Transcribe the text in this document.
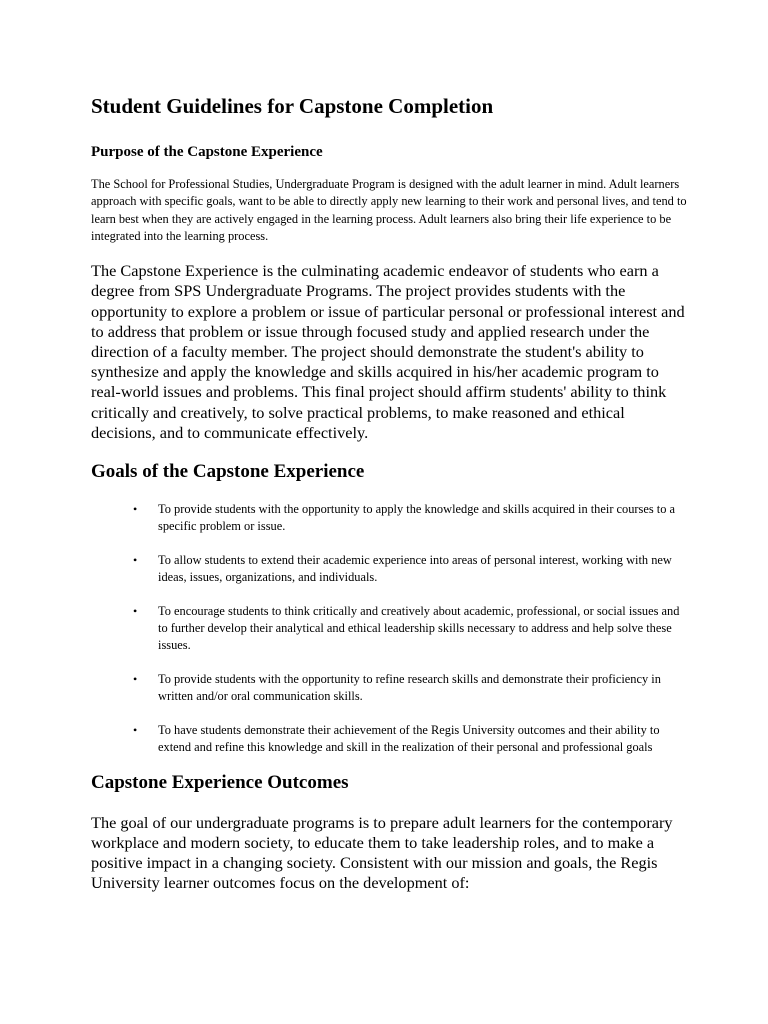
Student Guidelines for Capstone Completion
Purpose of the Capstone Experience

The School for Professional Studies, Undergraduate Program is designed with the adult learner in mind. Adult learners approach with specific goals, want to be able to directly apply new learning to their work and personal lives, and tend to learn best when they are actively engaged in the learning process. Adult learners also bring their life experience to be integrated into the learning process.

The Capstone Experience is the culminating academic endeavor of students who earn a degree from SPS Undergraduate Programs. The project provides students with the opportunity to explore a problem or issue of particular personal or professional interest and to address that problem or issue through focused study and applied research under the direction of a faculty member. The project should demonstrate the student's ability to synthesize and apply the knowledge and skills acquired in his/her academic program to real-world issues and problems. This final project should affirm students' ability to think critically and creatively, to solve practical problems, to make reasoned and ethical decisions, and to communicate effectively.

Goals of the Capstone Experience
• To provide students with the opportunity to apply the knowledge and skills acquired in their courses to a specific problem or issue.
• To allow students to extend their academic experience into areas of personal interest, working with new ideas, issues, organizations, and individuals.
• To encourage students to think critically and creatively about academic, professional, or social issues and to further develop their analytical and ethical leadership skills necessary to address and help solve these issues.
• To provide students with the opportunity to refine research skills and demonstrate their proficiency in written and/or oral communication skills.
• To have students demonstrate their achievement of the Regis University outcomes and their ability to extend and refine this knowledge and skill in the realization of their personal and professional goals
Capstone Experience Outcomes

The goal of our undergraduate programs is to prepare adult learners for the contemporary workplace and modern society, to educate them to take leadership roles, and to make a positive impact in a changing society. Consistent with our mission and goals, the Regis University learner outcomes focus on the development of:
